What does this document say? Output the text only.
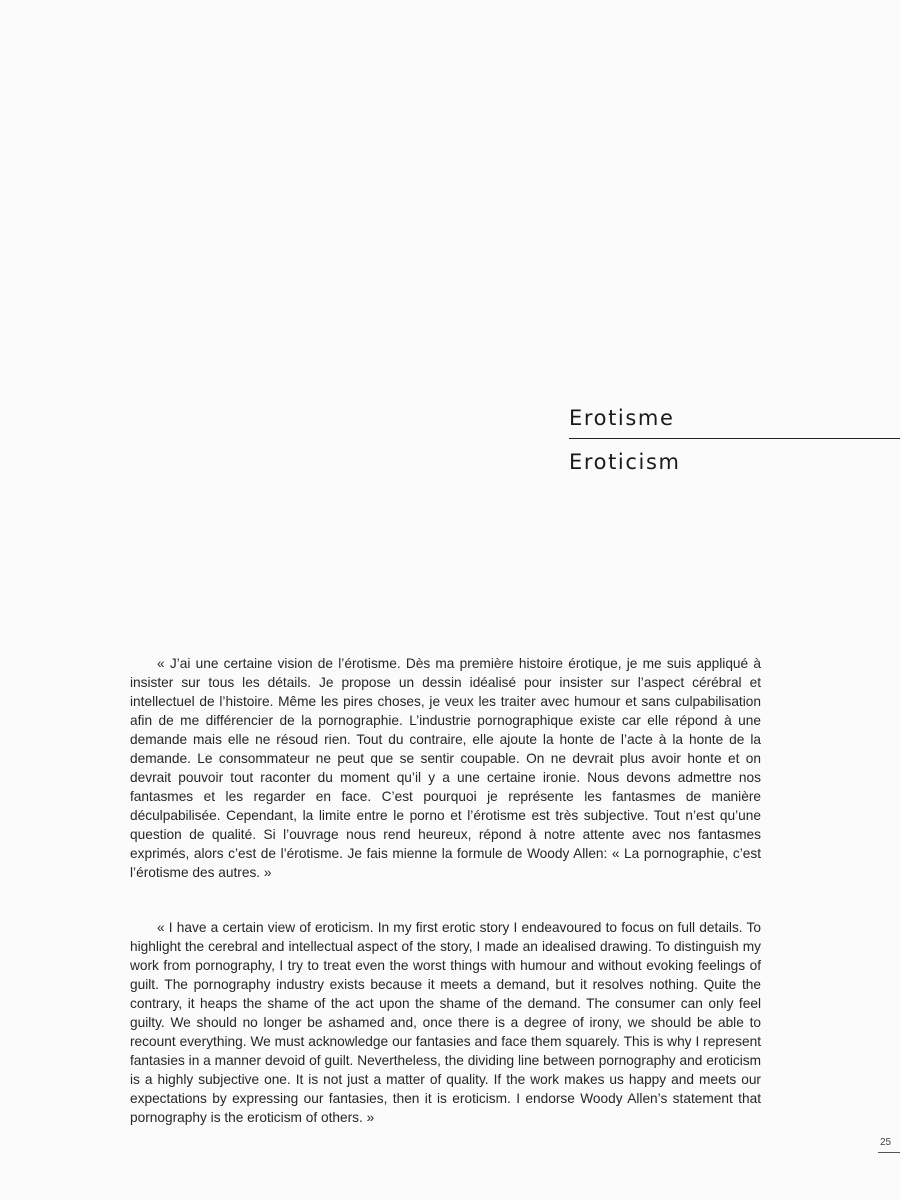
Erotisme
Eroticism

« J’ai une certaine vision de l’érotisme. Dès ma première histoire érotique, je me suis appliqué à insister sur tous les détails. Je propose un dessin idéalisé pour insister sur l’aspect cérébral et intellectuel de l’histoire. Même les pires choses, je veux les traiter avec humour et sans culpabilisation afin de me différencier de la pornographie. L’industrie pornographique existe car elle répond à une demande mais elle ne résoud rien. Tout du contraire, elle ajoute la honte de l’acte à la honte de la demande. Le consommateur ne peut que se sentir coupable. On ne devrait plus avoir honte et on devrait pouvoir tout raconter du moment qu’il y a une certaine ironie. Nous devons admettre nos fantasmes et les regarder en face. C’est pourquoi je représente les fantasmes de manière déculpabilisée. Cependant, la limite entre le porno et l’érotisme est très subjective. Tout n’est qu’une question de qualité. Si l’ouvrage nous rend heureux, répond à notre attente avec nos fantasmes exprimés, alors c’est de l’érotisme. Je fais mienne la formule de Woody Allen: « La pornographie, c’est l’érotisme des autres. »

« I have a certain view of eroticism. In my first erotic story I endeavoured to focus on full details. To highlight the cerebral and intellectual aspect of the story, I made an idealised drawing. To distinguish my work from pornography, I try to treat even the worst things with humour and without evoking feelings of guilt. The pornography industry exists because it meets a demand, but it resolves nothing. Quite the contrary, it heaps the shame of the act upon the shame of the demand. The consumer can only feel guilty. We should no longer be ashamed and, once there is a degree of irony, we should be able to recount everything. We must acknowledge our fantasies and face them squarely. This is why I represent fantasies in a manner devoid of guilt. Nevertheless, the dividing line between pornography and eroticism is a highly subjective one. It is not just a matter of quality. If the work makes us happy and meets our expectations by expressing our fantasies, then it is eroticism. I endorse Woody Allen’s statement that pornography is the eroticism of others. »

25
